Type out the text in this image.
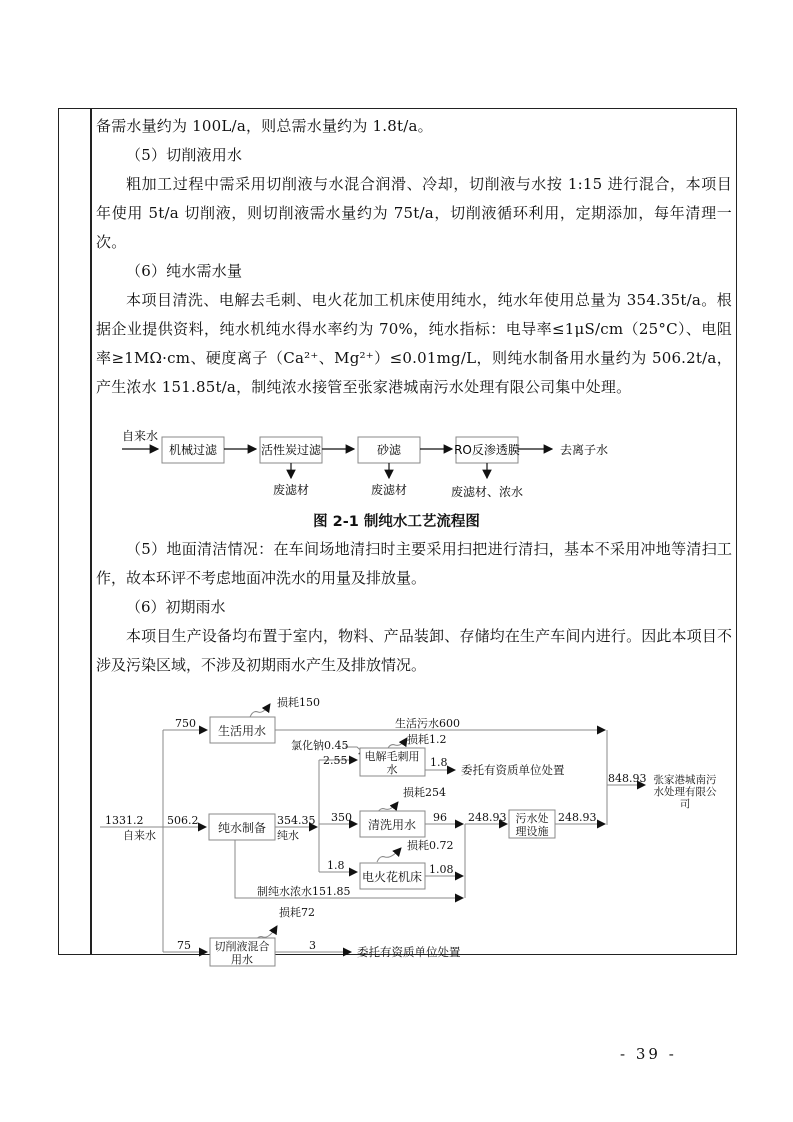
备需水量约为 100L/a，则总需水量约为 1.8t/a。

（5）切削液用水

粗加工过程中需采用切削液与水混合润滑、冷却，切削液与水按 1:15 进行混合，本项目年使用 5t/a 切削液，则切削液需水量约为 75t/a，切削液循环利用，定期添加，每年清理一次。

（6）纯水需水量

本项目清洗、电解去毛刺、电火花加工机床使用纯水，纯水年使用总量为 354.35t/a。根据企业提供资料，纯水机纯水得水率约为 70%，纯水指标：电导率≤1μS/cm（25°C）、电阻率≥1MΩ·cm、硬度离子（Ca²⁺、Mg²⁺）≤0.01mg/L，则纯水制备用水量约为 506.2t/a，产生浓水 151.85t/a，制纯浓水接管至张家港城南污水处理有限公司集中处理。

自来水
机械过滤	活性炭过滤	砂滤	RO反渗透膜	去离子水
废滤材	废滤材	废滤材、浓水
图 2-1 制纯水工艺流程图

（5）地面清洁情况：在车间场地清扫时主要采用扫把进行清扫，基本不采用冲地等清扫工作，故本环评不考虑地面冲洗水的用量及排放量。

（6）初期雨水

本项目生产设备均布置于室内，物料、产品装卸、存储均在生产车间内进行。因此本项目不涉及污染区域，不涉及初期雨水产生及排放情况。

生活用水
纯水制备
电解毛刺用
水
清洗用水
电火花机床
污水处
理设施
切削液混合
用水
张家港城南污
水处理有限公
司
委托有资质单位处置
委托有资质单位处置
1331.2
自来水
750
损耗150
生活污水600
506.2	354.35
纯水
氯化钠0.45
2.55
损耗1.2
1.8
350
损耗254
96
1.8
损耗0.72
1.08
制纯水浓水151.85
248.93	248.93
848.93
75
损耗72
3
- 39 -
